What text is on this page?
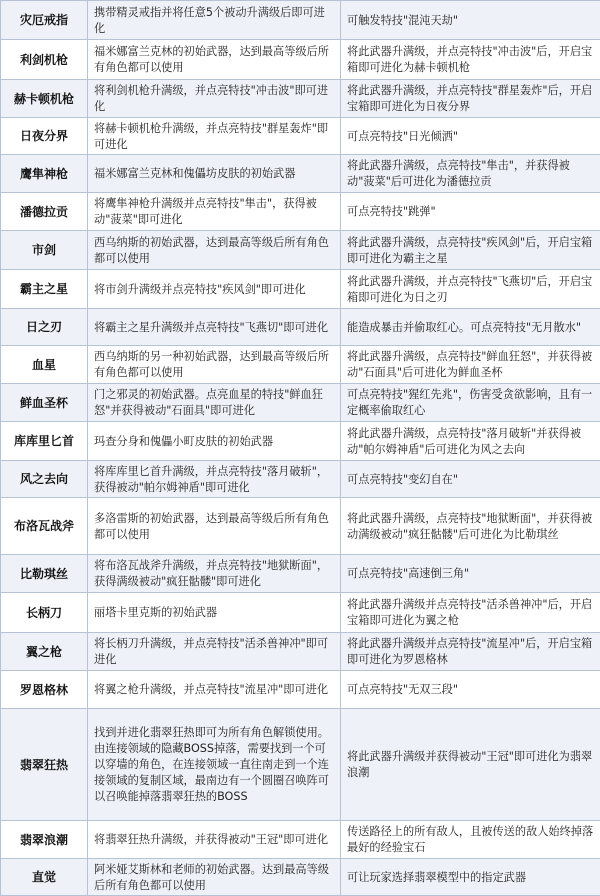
灾厄戒指	携带精灵戒指并将任意5个被动升满级后即可进化	可触发特技"混沌天劫"

利剑机枪	福米娜富兰克林的初始武器，达到最高等级后所有角色都可以使用	将此武器升满级，并点亮特技"冲击波"后，开启宝箱即可进化为赫卡顿机枪

赫卡顿机枪	将利剑机枪升满级，并点亮特技"冲击波"即可进化	将此武器升满级，并点亮特技"群星轰炸"后，开启宝箱即可进化为日夜分界

日夜分界	将赫卡顿机枪升满级，并点亮特技"群星轰炸"即可进化	可点亮特技"日光倾洒"

鹰隼神枪	福米娜富兰克林和傀儡坊皮肤的初始武器	将此武器升满级，点亮特技"隼击"，并获得被动"菠菜"后可进化为潘德拉贡

潘德拉贡	将鹰隼神枪升满级并点亮特技"隼击"，获得被动"菠菜"即可进化	可点亮特技"跳弹"

市剑	西乌纳斯的初始武器，达到最高等级后所有角色都可以使用	将此武器升满级，点亮特技"疾风剑"后，开启宝箱即可进化为霸主之星

霸主之星	将市剑升满级并点亮特技"疾风剑"即可进化	将此武器升满级，并点亮特技"飞燕切"后，开启宝箱即可进化为日之刃

日之刃	将霸主之星升满级并点亮特技"飞燕切"即可进化	能造成暴击并偷取红心。可点亮特技"无月散水"

血星	西乌纳斯的另一种初始武器，达到最高等级后所有角色都可以使用	将此武器升满级，点亮特技"鲜血狂怒"，并获得被动"石面具"后可进化为鲜血圣杯

鲜血圣杯	门之邪灵的初始武器。点亮血星的特技"鲜血狂怒"并获得被动"石面具"即可进化	可点亮特技"猩红先兆"，伤害受贪欲影响，且有一定概率偷取红心

库库里匕首	玛查分身和傀儡小町皮肤的初始武器	将此武器升满级，点亮特技"落月破斩"并获得被动"帕尔姆神盾"后可进化为风之去向

风之去向	将库库里匕首升满级，并点亮特技"落月破斩"，获得被动"帕尔姆神盾"即可进化	可点亮特技"变幻自在"

布洛瓦战斧	多洛雷斯的初始武器，达到最高等级后所有角色都可以使用	将此武器升满级，点亮特技"地狱断面"，并获得被动满级被动"疯狂骷髅"后可进化为比勒琪丝

比勒琪丝	将布洛瓦战斧升满级，并点亮特技"地狱断面"，获得满级被动"疯狂骷髅"即可进化	可点亮特技"高速倒三角"

长柄刀	丽塔卡里克斯的初始武器	将此武器升满级并点亮特技"活杀兽神冲"后，开启宝箱即可进化为翼之枪

翼之枪	将长柄刀升满级，并点亮特技"活杀兽神冲"即可进化	将此武器升满级并点亮特技"流星冲"后，开启宝箱即可进化为罗恩格林

罗恩格林	将翼之枪升满级，并点亮特技"流星冲"即可进化	可点亮特技"无双三段"

翡翠狂热	找到并进化翡翠狂热即可为所有角色解锁使用。由连接领域的隐藏BOSS掉落，需要找到一个可以穿墙的角色，在连接领域一直往南走到一个连接领域的复制区域，最南边有一个圆圈召唤阵可以召唤能掉落翡翠狂热的BOSS	将此武器升满级并获得被动"王冠"即可进化为翡翠浪潮

翡翠浪潮	将翡翠狂热升满级，并获得被动"王冠"即可进化	传送路径上的所有敌人，且被传送的敌人始终掉落最好的经验宝石

直觉	阿米娅艾斯林和老师的初始武器。达到最高等级后所有角色都可以使用	可让玩家选择翡翠模型中的指定武器
